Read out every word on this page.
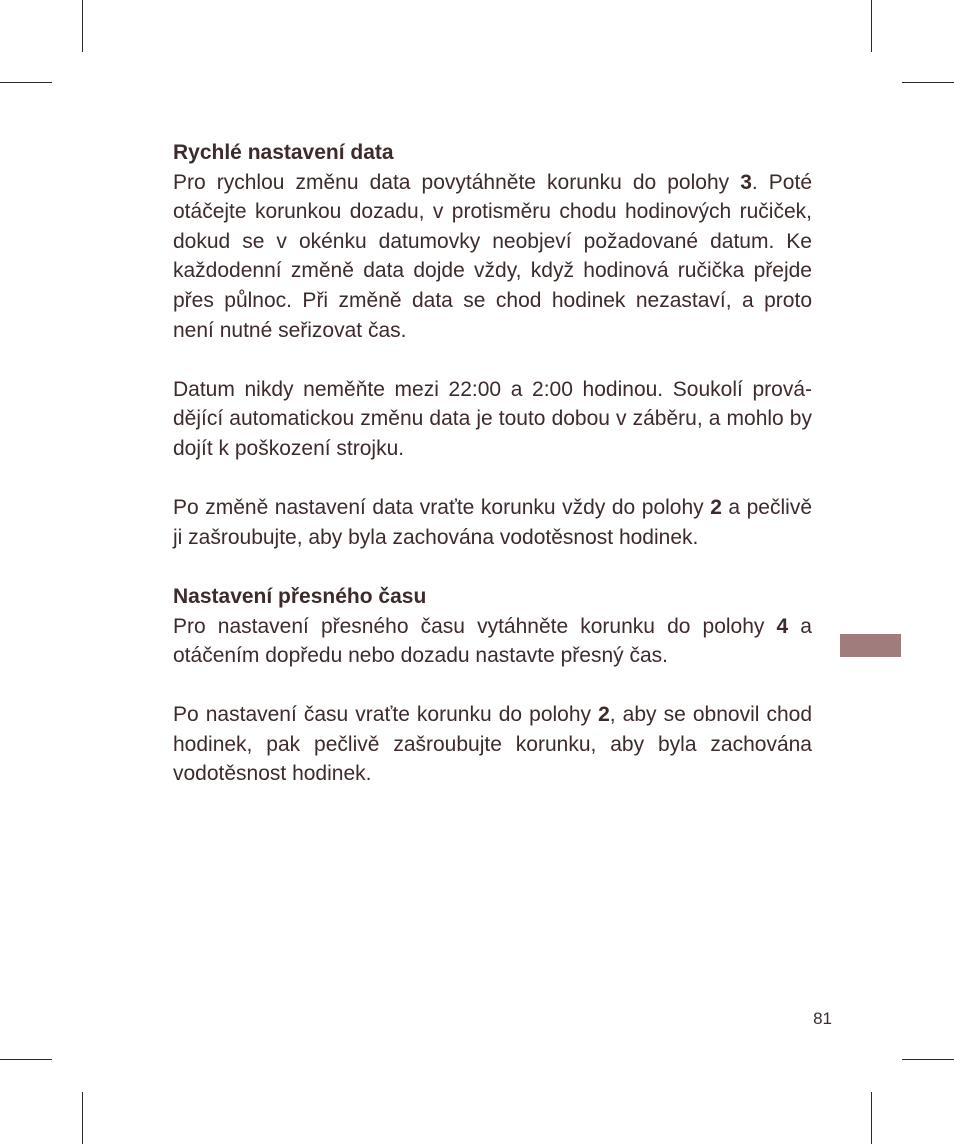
Rychlé nastavení data

Pro rychlou změnu data povytáhněte korunku do polohy 3. Poté otáčejte korunkou dozadu, v protisměru chodu hodinových ručiček, dokud se v okénku datumovky neobjeví požadované datum. Ke každodenní změně data dojde vždy, když hodinová ručička přejde přes půlnoc. Při změně data se chod hodinek nezastaví, a proto není nutné seřizovat čas.

Datum nikdy neměňte mezi 22:00 a 2:00 hodinou. Soukolí provádějící automatickou změnu data je touto dobou v záběru, a mohlo by dojít k poškození strojku.

Po změně nastavení data vraťte korunku vždy do polohy 2 a pečlivě ji zašroubujte, aby byla zachována vodotěsnost hodinek.

Nastavení přesného času

Pro nastavení přesného času vytáhněte korunku do polohy 4 a otáčením dopředu nebo dozadu nastavte přesný čas.

Po nastavení času vraťte korunku do polohy 2, aby se obnovil chod hodinek, pak pečlivě zašroubujte korunku, aby byla zachována vodotěsnost hodinek.

81
